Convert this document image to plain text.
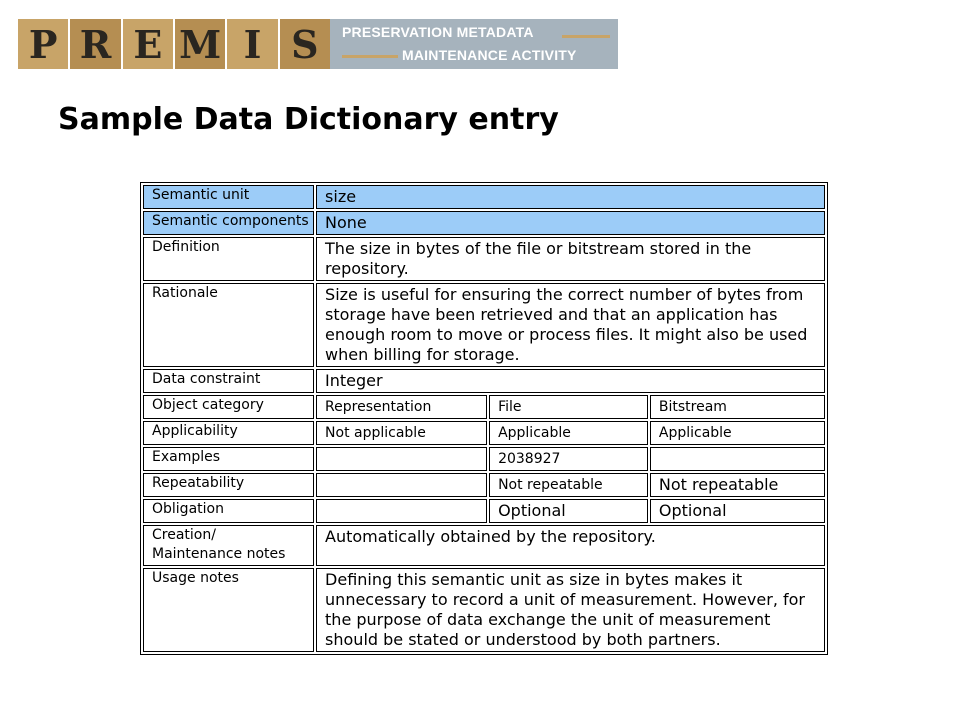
P R E M I S	PRESERVATION METADATA
MAINTENANCE ACTIVITY
Sample Data Dictionary entry
Semantic unit	size		
Semantic components	None		
Definition	The size in bytes of the file or bitstream stored in the repository.		
Rationale	Size is useful for ensuring the correct number of bytes from storage have been retrieved and that an application has enough room to move or process files. It might also be used when billing for storage.		
Data constraint	Integer		
Object category	Representation	File	Bitstream
Applicability	Not applicable	Applicable	Applicable
Examples		2038927	
Repeatability		Not repeatable	Not repeatable
Obligation		Optional	Optional
Creation/ Maintenance notes	Automatically obtained by the repository.		
Usage notes	Defining this semantic unit as size in bytes makes it unnecessary to record a unit of measurement. However, for the purpose of data exchange the unit of measurement should be stated or understood by both partners.		
